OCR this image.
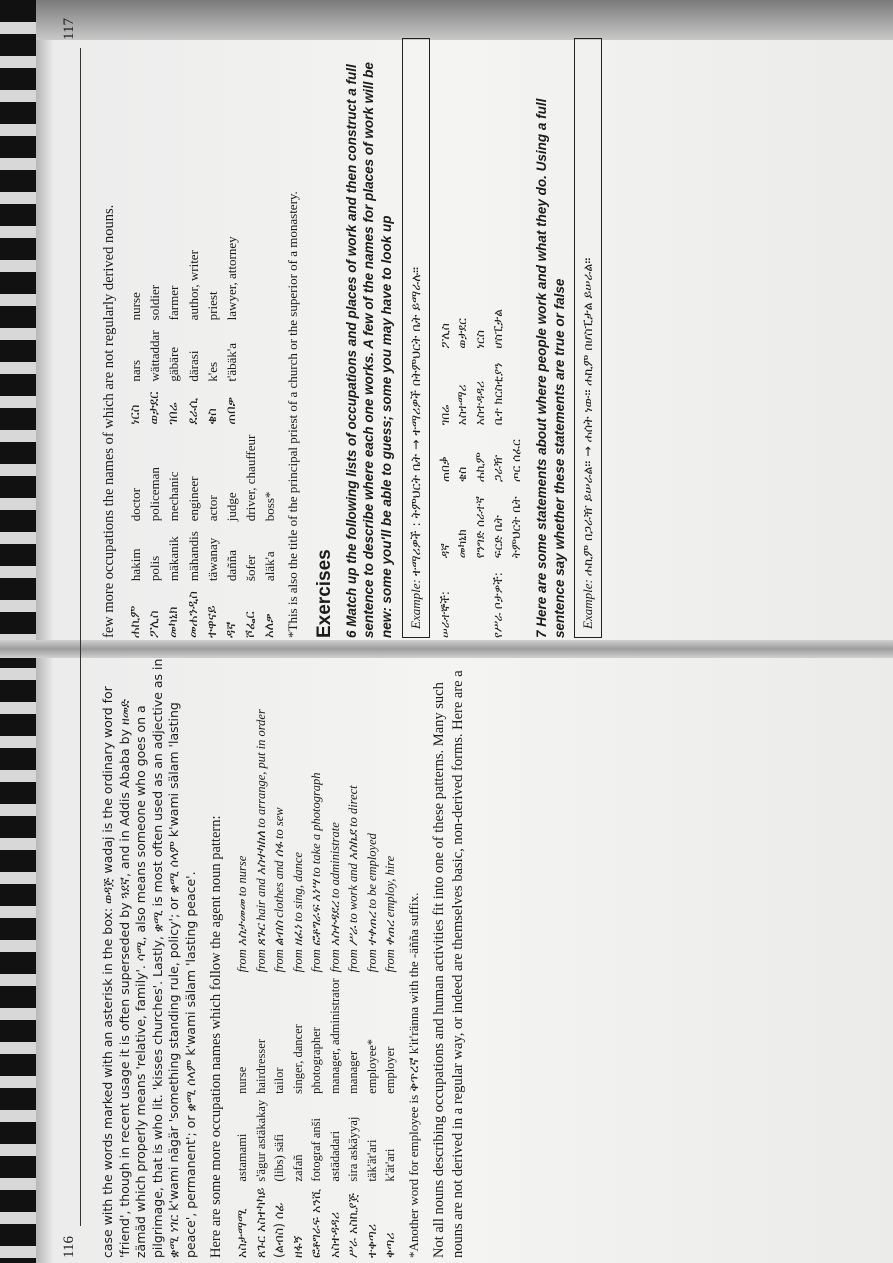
116 case with the words marked with an asterisk in the box: ወዳጅ wadaj is the ordinary word for 'friend', though in recent usage it is often superseded by ጓደኛ, and in Addis Ababa by ዘመድ zämäd which properly means 'relative, family'. ሳሚ, also means someone who goes on a pilgrimage, that is who lit. 'kisses churches'. Lastly, ቋሚ is most often used as an adjective as in ቋሚ ነገር k'wami nägär 'something standing rule, policy'; or ቋሚ ሰላም k'wami sälam 'lasting peace', permanent'; or ቋሚ ሰላም k'wami sälam 'lasting peace'. Here are some more occupation names which follow the agent noun pattern: አስታማሚ	astamami	nurse	from አስታመመ to nurse
ጸጉር አስተካካይ	s'ägur astäkakay	hairdresser	from ጸጉር hair and አስተካከለ to arrange, put in order
(ልብስ) ሰፊ	(libs) säfi	tailor	from ልብስ clothes and ሰፋ to sew
ዘፋኝ	zafañ	singer, dancer	from ዘፈነ to sing, dance
ፎቶግራፍ አንሺ	fotograf anši	photographer	from ፎቶግራፍ አነሣ to take a photograph
አስተዳዳሪ	astädadari	manager, administrator	from አስተዳደረ to administrate
ሥራ አስኪያጅ	sira askäyyaj	manager	from ሥራ to work and አስኬደ to direct
ተቀጣሪ	täk'ät'ari	employee*	from ተቀጠረ to be employed
ቀጣሪ	k'ät'ari	employer	from ቀጠረ employ, hire *Another word for employee is ቅጥረኛ k'it'ränna with the -äñña suffix. Not all nouns describing occupations and human activities fit into one of these patterns. Many such nouns are not derived in a regular way, or indeed are themselves basic, non-derived forms. Here are a

117

few more occupations the names of which are not regularly derived nouns. ሐኪም	hakim	doctor	ነርስ	nars	nurse
ፖሊስ	polis	policeman	ወታደር	wättaddar	soldier
መካኒክ	mäkanik	mechanic	ገበሬ	gäbäre	farmer
መሐንዲስ	mähandis	engineer	ደራሲ	därasi	author, writer
ተዋናይ	täwanay	actor	ቄስ	k'es	priest
ዳኛ	dañña	judge	ጠበቃ	t'äbäk'a	lawyer, attorney
ሾፌር	šofer	driver, chauffeur			
አለቃ	aläk'a	boss*			*This is also the title of the principal priest of a church or the superior of a monastery. Exercises 6 Match up the following lists of occupations and places of work and then construct a full sentence to describe where each one works. A few of the names for places of work will be new: some you'll be able to guess; some you may have to look up	Example: ተማሪዎች : ትምህርት ቤት → ተማሪዎች በትምህርት ቤት ይማራሉ።
ሠራተኞች:	ዳኛ	ጠበቃ	ገበሬ	ፖሊስ
	መካኒክ	ቄስ	አስተማሪ	ወታደር
	የንግድ ሰራተኛ	ሐኪም	አስተዳዳሪ	ነርስ
የሥራ ቦታዎች:	ፍርድ ቤት	ጋራዥ	ቤተ ክርስቲያን	ሆስፒታል
	ትምህርት ቤት	ጦር ሰፈር		7 Here are some statements about where people work and what they do. Using a full sentence say whether these statements are true or false	Example: ሐኪም በጋራዥ ይሠራል። → ሐሰት ነው። ሐኪም በሆስፒታል ይሠራል።
